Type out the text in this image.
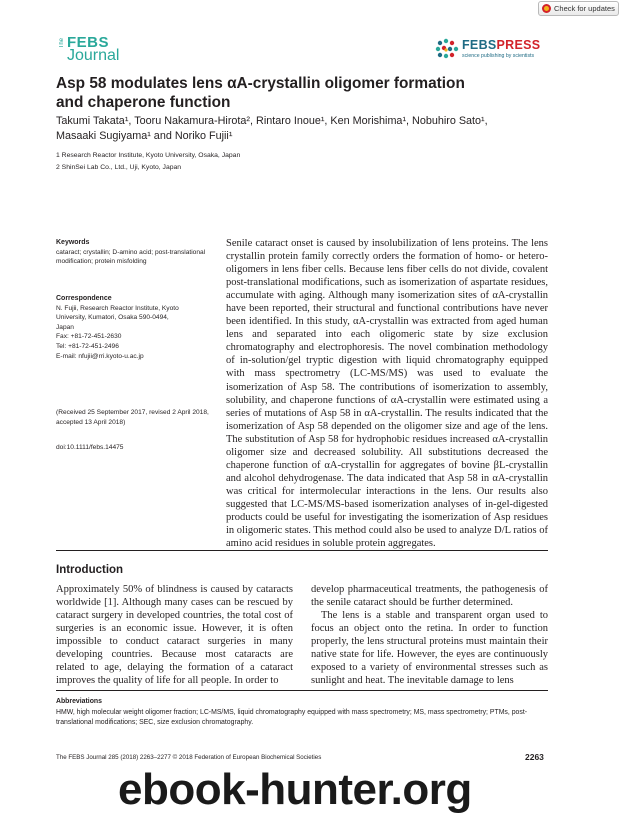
Check for updates
The FEBS
Journal
FEBSPRESS
science publishing by scientists
Asp 58 modulates lens αA-crystallin oligomer formation
and chaperone function
Takumi Takata¹, Tooru Nakamura-Hirota², Rintaro Inoue¹, Ken Morishima¹, Nobuhiro Sato¹,
Masaaki Sugiyama¹ and Noriko Fujii¹
1 Research Reactor Institute, Kyoto University, Osaka, Japan
2 ShinSei Lab Co., Ltd., Uji, Kyoto, Japan
Keywords
cataract; crystallin; D-amino acid; post-translational modification; protein misfolding
Correspondence
N. Fujii, Research Reactor Institute, Kyoto
University, Kumatori, Osaka 590-0494,
Japan
Fax: +81-72-451-2630
Tel: +81-72-451-2496
E-mail: nfujii@rri.kyoto-u.ac.jp
(Received 25 September 2017, revised 2 April 2018, accepted 13 April 2018)
doi:10.1111/febs.14475
Senile cataract onset is caused by insolubilization of lens proteins. The lens crystallin protein family correctly orders the formation of homo- or hetero-oligomers in lens fiber cells. Because lens fiber cells do not divide, covalent post-translational modifications, such as isomerization of aspartate residues, accumulate with aging. Although many isomerization sites of αA-crystallin have been reported, their structural and functional contributions have never been identified. In this study, αA-crystallin was extracted from aged human lens and separated into each oligomeric state by size exclusion chromatography and electrophoresis. The novel combination methodology of in-solution/gel tryptic digestion with liquid chromatography equipped with mass spectrometry (LC-MS/MS) was used to evaluate the isomerization of Asp 58. The contributions of isomerization to assembly, solubility, and chaperone functions of αA-crystallin were estimated using a series of mutations of Asp 58 in αA-crystallin. The results indicated that the isomerization of Asp 58 depended on the oligomer size and age of the lens. The substitution of Asp 58 for hydrophobic residues increased αA-crystallin oligomer size and decreased solubility. All substitutions decreased the chaperone function of αA-crystallin for aggregates of bovine βL-crystallin and alcohol dehydrogenase. The data indicated that Asp 58 in αA-crystallin was critical for intermolecular interactions in the lens. Our results also suggested that LC-MS/MS-based isomerization analyses of in-gel-digested products could be useful for investigating the isomerization of Asp residues in oligomeric states. This method could also be used to analyze D/L ratios of amino acid residues in soluble protein aggregates.
Introduction

Approximately 50% of blindness is caused by cataracts worldwide [1]. Although many cases can be rescued by cataract surgery in developed countries, the total cost of surgeries is an economic issue. However, it is often impossible to conduct cataract surgeries in many developing countries. Because most cataracts are related to age, delaying the formation of a cataract improves the quality of life for all people. In order to

develop pharmaceutical treatments, the pathogenesis of the senile cataract should be further determined.

The lens is a stable and transparent organ used to focus an object onto the retina. In order to function properly, the lens structural proteins must maintain their native state for life. However, the eyes are continuously exposed to a variety of environmental stresses such as sunlight and heat. The inevitable damage to lens

Abbreviations
HMW, high molecular weight oligomer fraction; LC-MS/MS, liquid chromatography equipped with mass spectrometry; MS, mass spectrometry; PTMs, post-translational modifications; SEC, size exclusion chromatography.
The FEBS Journal 285 (2018) 2263–2277 © 2018 Federation of European Biochemical Societies	2263
ebook-hunter.org
